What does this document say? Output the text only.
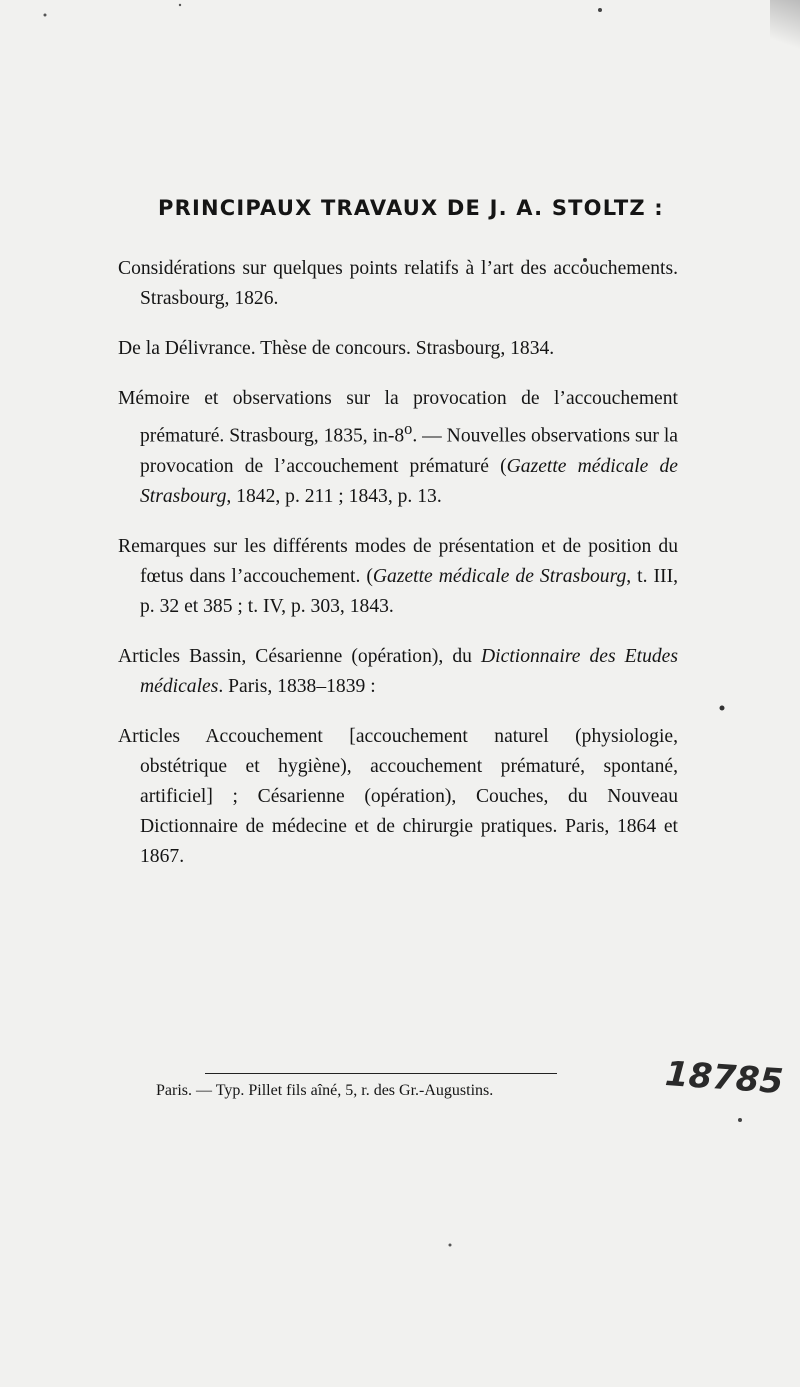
PRINCIPAUX TRAVAUX DE J. A. STOLTZ :
Considérations sur quelques points relatifs à l’art des accouchements. Strasbourg, 1826.
De la Délivrance. Thèse de concours. Strasbourg, 1834.
Mémoire et observations sur la provocation de l’accouchement prématuré. Strasbourg, 1835, in-8$^o$. — Nouvelles observations sur la provocation de l’accouchement prématuré (Gazette médicale de Strasbourg, 1842, p. 211 ; 1843, p. 13.
Remarques sur les différents modes de présentation et de position du fœtus dans l’accouchement. (Gazette médicale de Strasbourg, t. III, p. 32 et 385 ; t. IV, p. 303, 1843.
Articles Bassin, Césarienne (opération), du Dictionnaire des Etudes médicales. Paris, 1838–1839 :
Articles Accouchement [accouchement naturel (physiologie, obstétrique et hygiène), accouchement prématuré, spontané, artificiel] ; Césarienne (opération), Couches, du Nouveau Dictionnaire de médecine et de chirurgie pratiques. Paris, 1864 et 1867.
Paris. — Typ. Pillet fils aîné, 5, r. des Gr.-Augustins.	18785
